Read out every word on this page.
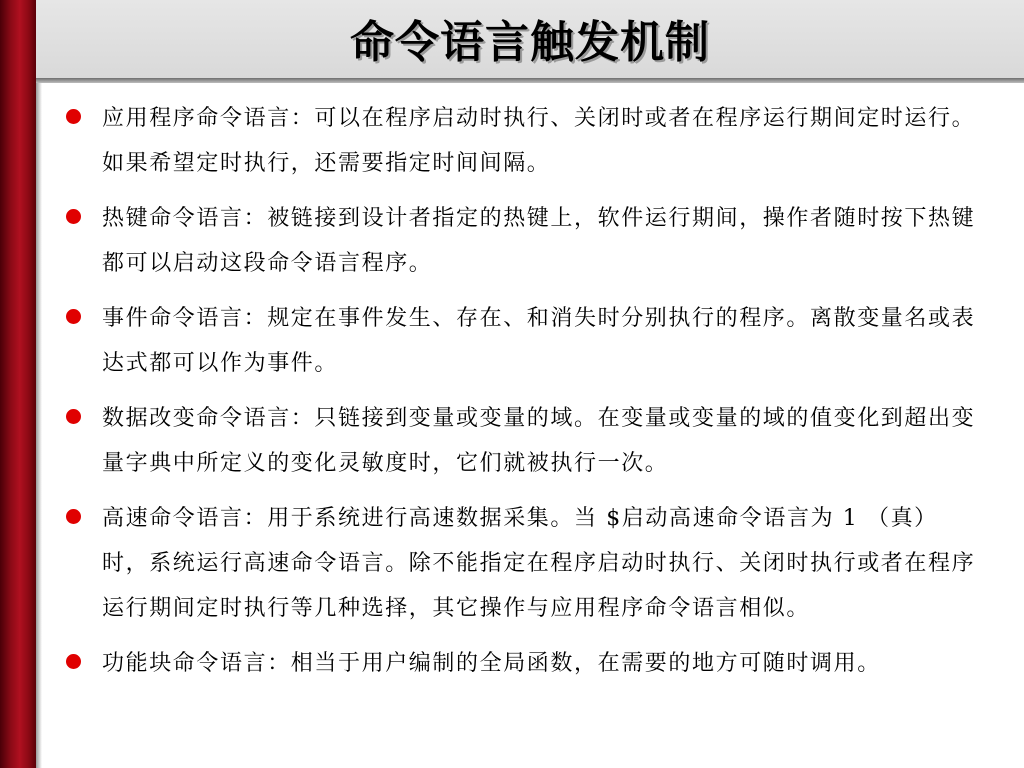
命令语言触发机制
应用程序命令语言：可以在程序启动时执行、关闭时或者在程序运行期间定时运行。如果希望定时执行，还需要指定时间间隔。
热键命令语言：被链接到设计者指定的热键上，软件运行期间，操作者随时按下热键都可以启动这段命令语言程序。
事件命令语言：规定在事件发生、存在、和消失时分别执行的程序。离散变量名或表达式都可以作为事件。
数据改变命令语言：只链接到变量或变量的域。在变量或变量的域的值变化到超出变量字典中所定义的变化灵敏度时，它们就被执行一次。
高速命令语言：用于系统进行高速数据采集。当 $启动高速命令语言为 1 （真） 时，系统运行高速命令语言。除不能指定在程序启动时执行、关闭时执行或者在程序运行期间定时执行等几种选择，其它操作与应用程序命令语言相似。
功能块命令语言：相当于用户编制的全局函数，在需要的地方可随时调用。
